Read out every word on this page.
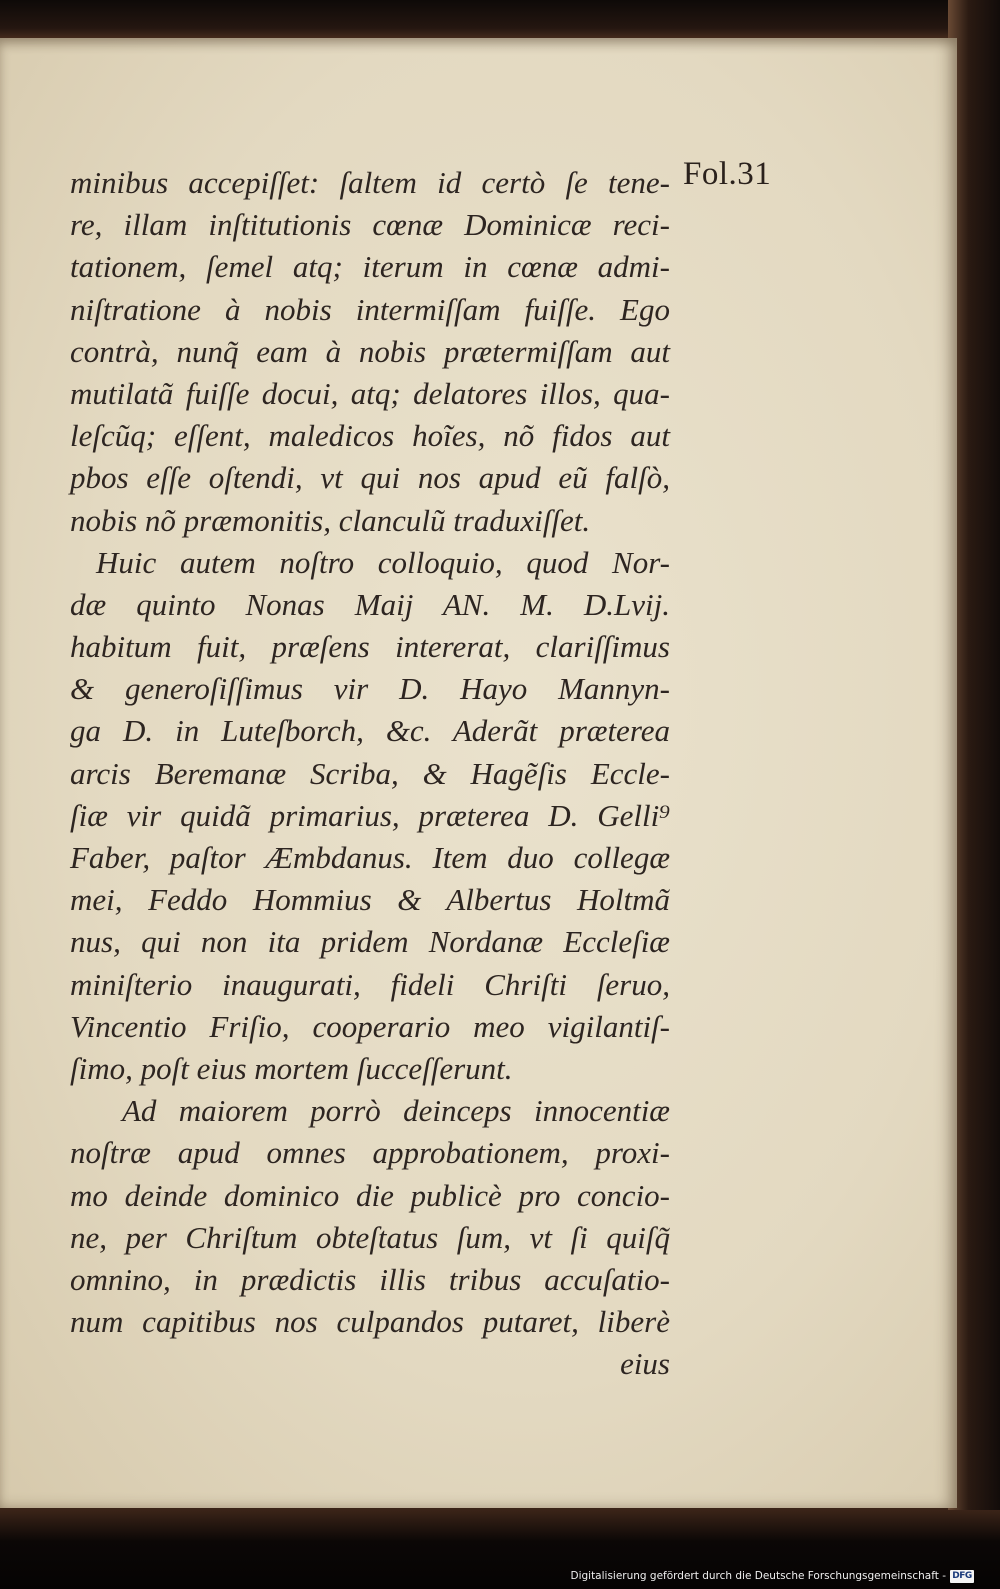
Fol.31
minibus accepiſſet: ſaltem id certò ſe tene-
re, illam inſtitutionis cœnæ Dominicæ reci-
tationem, ſemel atq; iterum in cœnæ admi-
niſtratione à nobis intermiſſam fuiſſe. Ego
contrà, nunq̃ eam à nobis prætermiſſam aut
mutilatã fuiſſe docui, atq; delatores illos, qua-
leſcũq; eſſent, maledicos hoĩes, nõ fidos aut
pbos eſſe oſtendi, vt qui nos apud eũ falſò,
nobis nõ præmonitis, clanculũ traduxiſſet.
Huic autem noſtro colloquio, quod Nor-
dæ quinto Nonas Maij AN. M. D.Lvij.
habitum fuit, præſens intererat, clariſſimus
& generoſiſſimus vir D. Hayo Mannyn-
ga D. in Luteſborch, &c. Aderãt præterea
arcis Beremanæ Scriba, & Hagẽſis Eccle-
ſiæ vir quidã primarius, præterea D. Gelli⁹
Faber, paſtor Æmbdanus. Item duo collegæ
mei, Feddo Hommius & Albertus Holtmã
nus, qui non ita pridem Nordanæ Eccleſiæ
miniſterio inaugurati, fideli Chriſti ſeruo,
Vincentio Friſio, cooperario meo vigilantiſ-
ſimo, poſt eius mortem ſucceſſerunt.
Ad maiorem porrò deinceps innocentiæ
noſtræ apud omnes approbationem, proxi-
mo deinde dominico die publicè pro concio-
ne, per Chriſtum obteſtatus ſum, vt ſi quiſq̃
omnino, in prædictis illis tribus accuſatio-
num capitibus nos culpandos putaret, liberè
eius
Digitalisierung gefördert durch die Deutsche Forschungsgemeinschaft - DFG
